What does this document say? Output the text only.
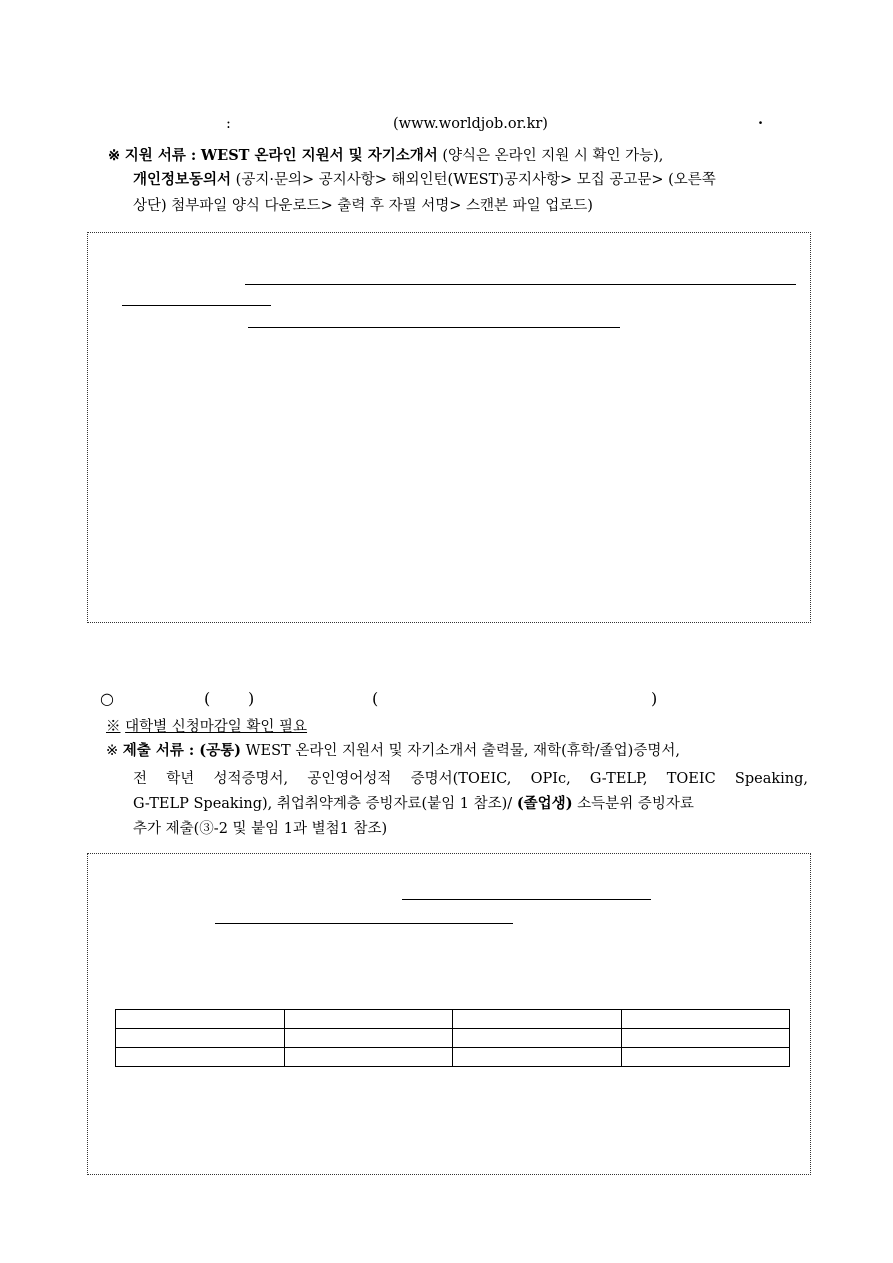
:	(www.worldjob.or.kr)	·
※ 지원 서류 : WEST 온라인 지원서 및 자기소개서 (양식은 온라인 지원 시 확인 가능),
개인정보동의서 (공지·문의> 공지사항> 해외인턴(WEST)공지사항> 모집 공고문> (오른쪽
상단) 첨부파일 양식 다운로드> 출력 후 자필 서명> 스캔본 파일 업로드)
○	( )	(	)
※ 대학별 신청마감일 확인 필요
※ 제출 서류 : (공통) WEST 온라인 지원서 및 자기소개서 출력물, 재학(휴학/졸업)증명서,
전 학년 성적증명서, 공인영어성적 증명서(TOEIC, OPIc, G-TELP, TOEIC Speaking,
G-TELP Speaking), 취업취약계층 증빙자료(붙임 1 참조)/ (졸업생) 소득분위 증빙자료
추가 제출(③-2 및 붙임 1과 별첨1 참조)
